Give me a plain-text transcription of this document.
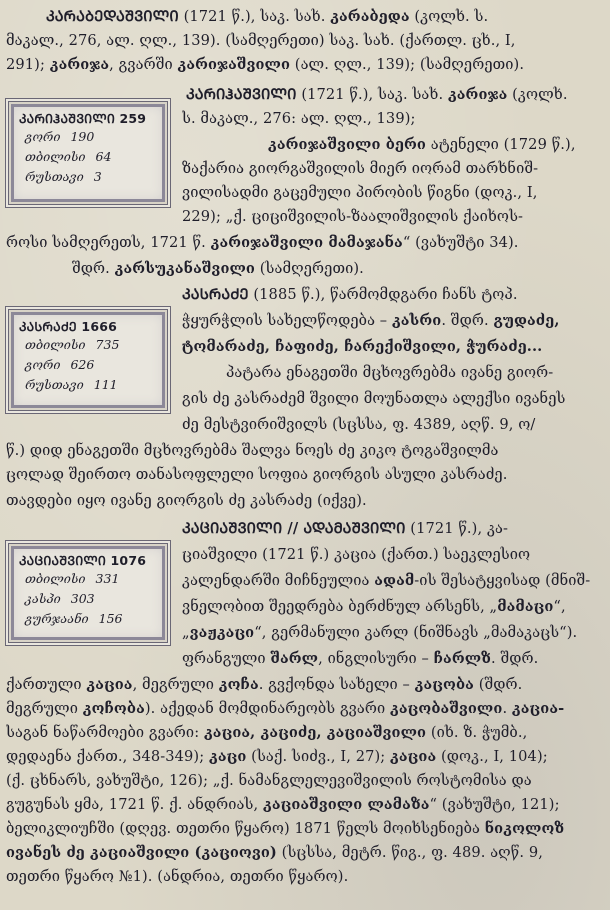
ᲙᲐᲠᲐᲑᲔᲓᲐᲨᲕᲘᲚᲘ (1721 წ.), საკ. სახ. კარაბედა (კოლხ. ს.
მაკალ., 276, ალ. ღლ., 139). (სამღერეთი) საკ. სახ. (ქართლ. ცხ., I,
291); კარიჯა, გვარში კარიჯაშვილი (ალ. ღლ., 139); (სამღერეთი).
ᲙᲐᲠᲘᲰᲐᲨᲕᲘᲚᲘ 259
გორი 190
თბილისი 64
რუსთავი 3
ᲙᲐᲠᲘᲰᲐᲨᲕᲘᲚᲘ (1721 წ.), საკ. სახ. კარიჯა (კოლხ.
ს. მაკალ., 276: ალ. ღლ., 139);
კარიჯაშვილი ბერი ატენელი (1729 წ.),
ზაქარია გიორგაშვილის მიერ იორამ თარხნიშ-
ვილისადმი გაცემული პირობის წიგნი (დოკ., I,
229); „ქ. ციციშვილის-ზაალიშვილის ქაიხოს-
როსი სამღერეთს, 1721 წ. კარიჯაშვილი მამაჯანა“ (ვახუშტი 34).
შდრ. კარსუკანაშვილი (სამღერეთი).
ᲙᲐᲡᲠᲐᲫᲔ 1666
თბილისი 735
გორი 626
რუსთავი 111
ᲙᲐᲡᲠᲐᲫᲔ (1885 წ.), წარმომდგარი ჩანს ტოპ.
ჭყურჭლის სახელწოდება – კასრი. შდრ. გუდაძე,
ტომარაძე, ჩაფიძე, ჩარექიშვილი, ჭურაძე...
პატარა ენაგეთში მცხოვრებმა ივანე გიორ-
გის ძე კასრაძემ შვილი მოუნათლა ალექსი ივანეს
ძე მესტვირიშვილს (სცსსა, ფ. 4389, აღწ. 9, ო/
წ.) დიდ ენაგეთში მცხოვრებმა შალვა ნოეს ძე კიკო ტოგაშვილმა
ცოლად შეირთო თანასოფლელი სოფია გიორგის ასული კასრაძე.
თავდები იყო ივანე გიორგის ძე კასრაძე (იქვე).
ᲙᲐᲪᲘᲐᲨᲕᲘᲚᲘ 1076
თბილისი 331
კასპი 303
გურჯაანი 156
ᲙᲐᲪᲘᲐᲨᲕᲘᲚᲘ // ᲐᲓᲐᲛᲐᲨᲕᲘᲚᲘ (1721 წ.), კა-
ციაშვილი (1721 წ.) კაცია (ქართ.) საეკლესიო
კალენდარში მიჩნეულია ადამ-ის შესატყვისად (მნიშ-
ვნელობით შეედრება ბერძნულ არსენს, „მამაცი“,
„ვაჟკაცი“, გერმანული კარლ (ნიშნავს „მამაკაცს“).
ფრანგული შარლ, ინგლისური – ჩარლზ. შდრ.
ქართული კაცია, მეგრული კოჩა. გვქონდა სახელი – კაცობა (შდრ.
მეგრული კოჩობა). აქედან მომდინარეობს გვარი კაცობაშვილი. კაცია-
საგან ნაწარმოები გვარი: კაცია, კაციძე, კაციაშვილი (იხ. ზ. ჭუმბ.,
დედაენა ქართ., 348-349); კაცი (საქ. სიძვ., I, 27); კაცია (დოკ., I, 104);
(ქ. ცხნარს, ვახუშტი, 126); „ქ. ნამანგლელევიშვილის როსტომისა და
გუგუნას ყმა, 1721 წ. ქ. ანდრიას, კაციაშვილი ლამაზა“ (ვახუშტი, 121);
ბელიკლიუჩში (დღევ. თეთრი წყარო) 1871 წელს მოიხსენიება ნიკოლოზ
ივანეს ძე კაციაშვილი (კაციოვი) (სცსსა, მეტრ. წიგ., ფ. 489. აღწ. 9,
თეთრი წყარო №1). (ანდრია, თეთრი წყარო).
